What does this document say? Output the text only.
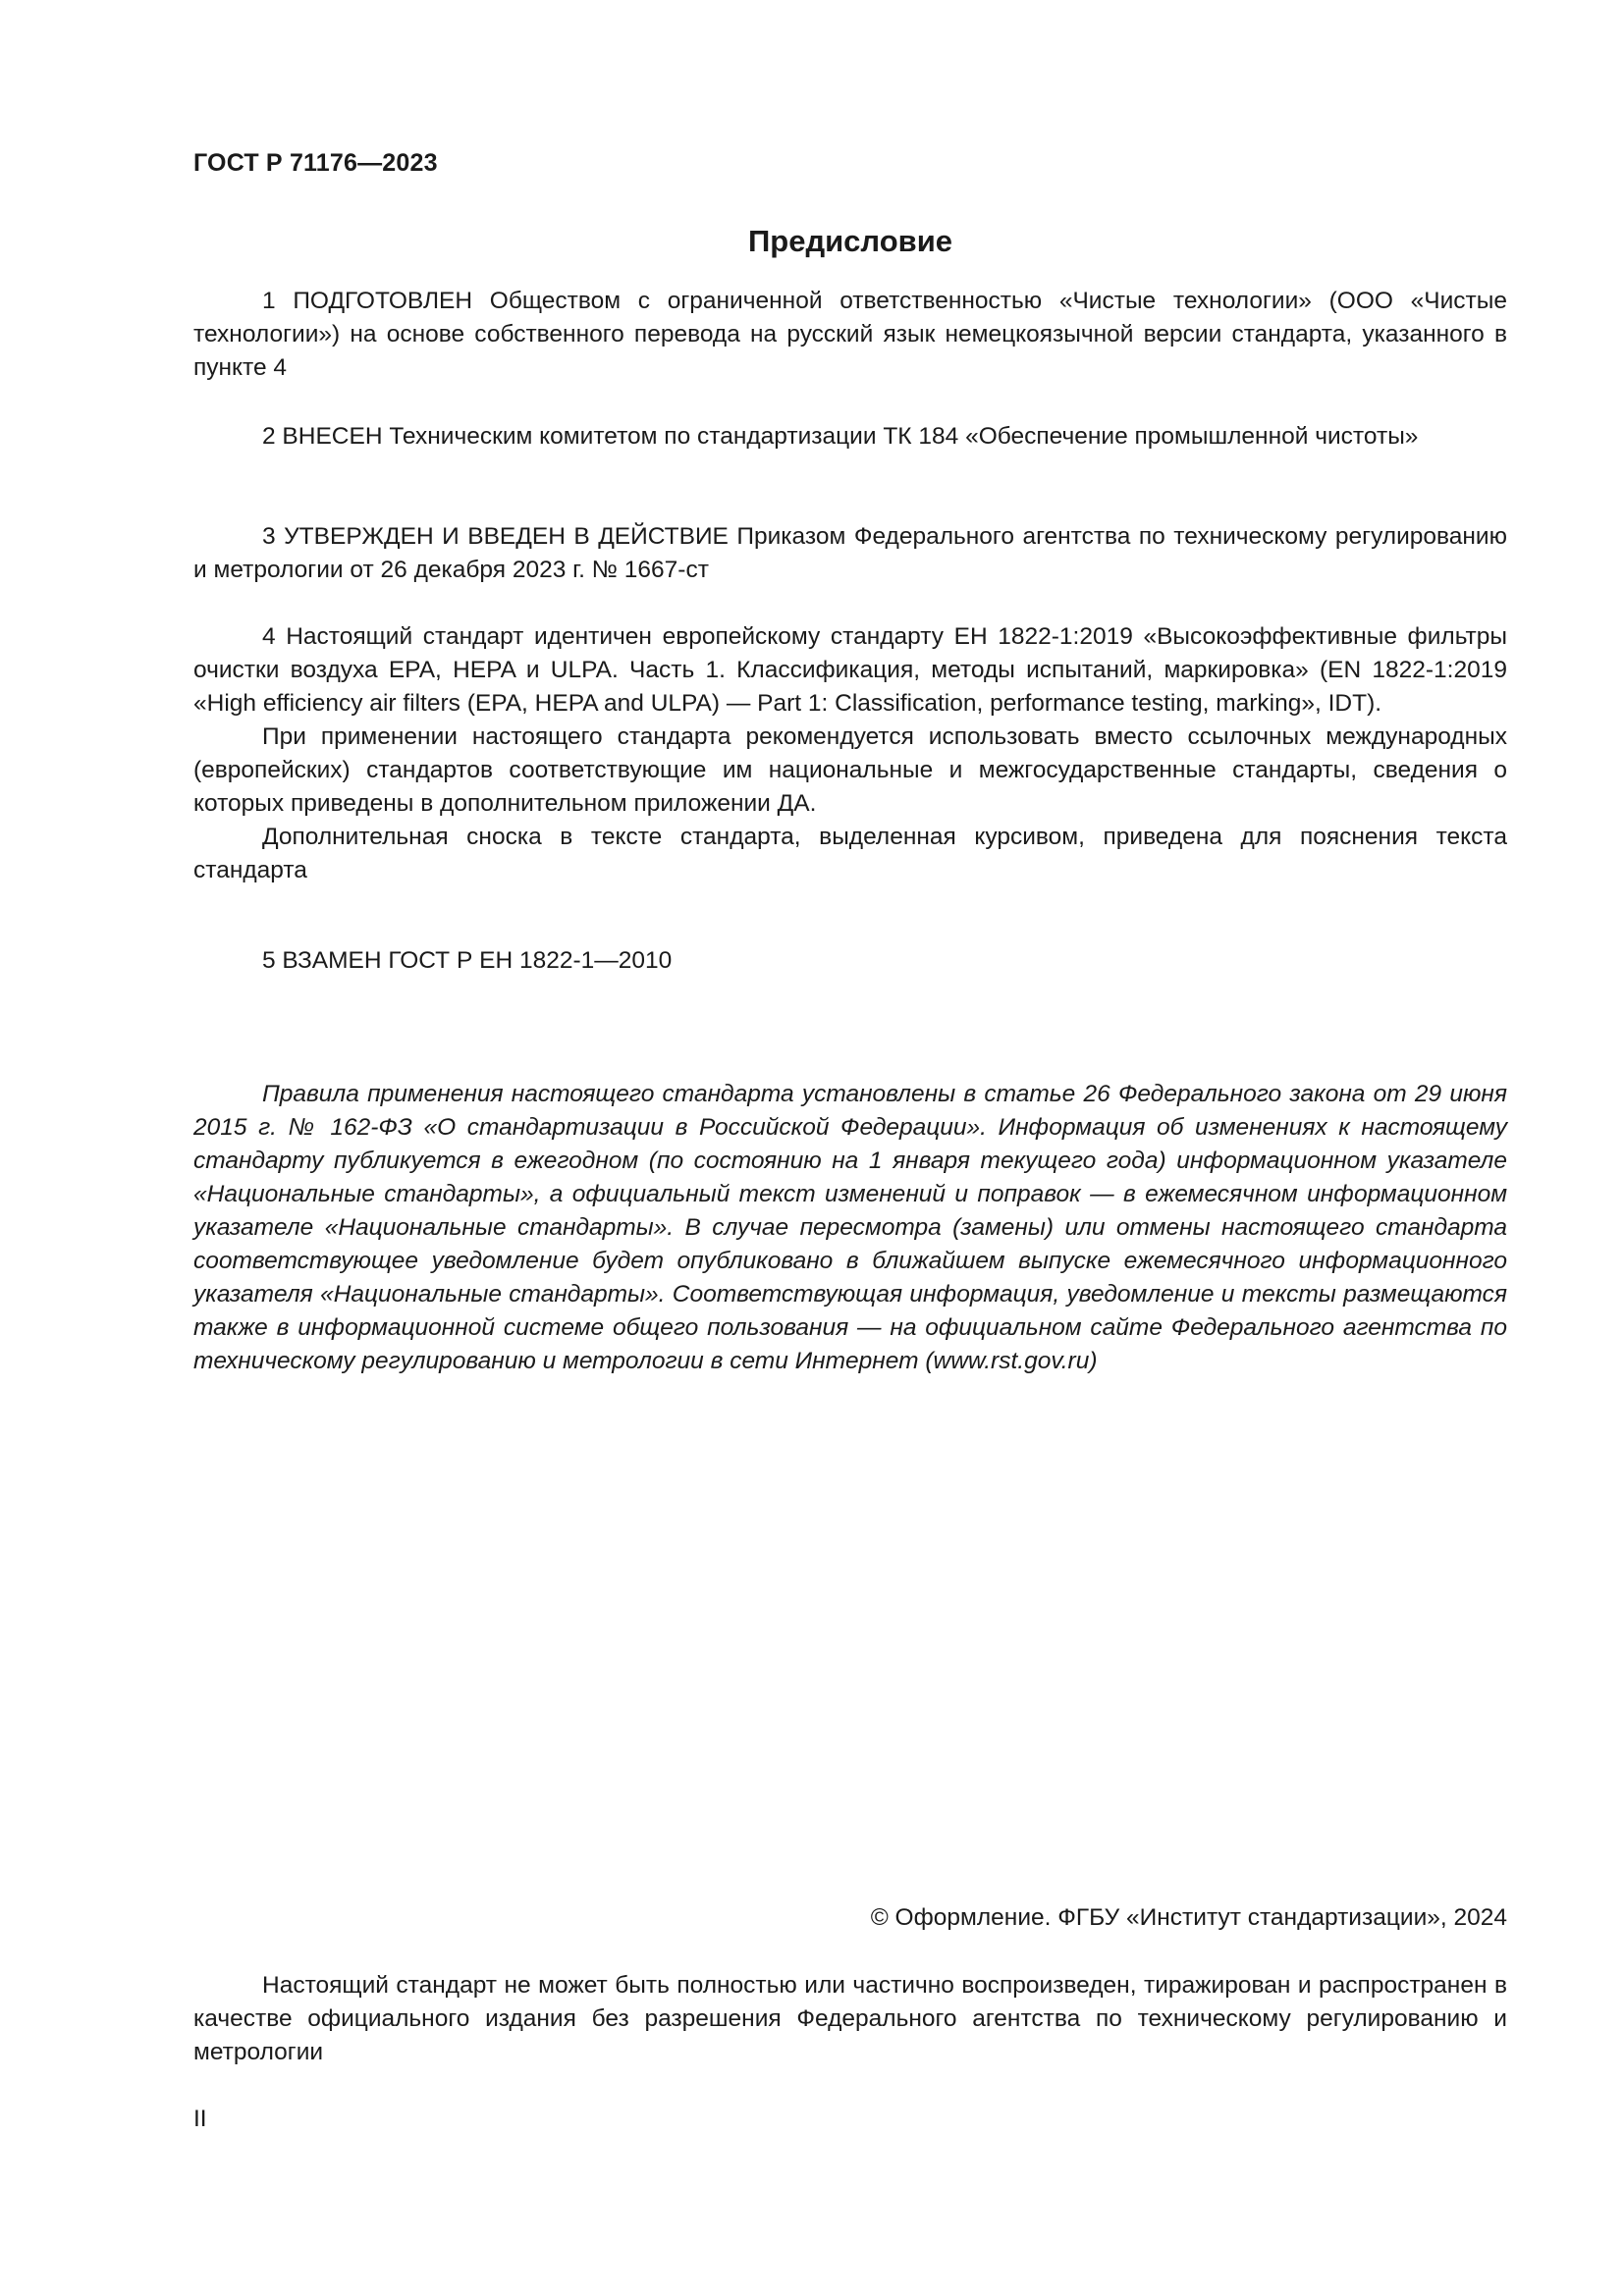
ГОСТ Р 71176—2023
Предисловие

1 ПОДГОТОВЛЕН Обществом с ограниченной ответственностью «Чистые технологии» (ООО «Чистые технологии») на основе собственного перевода на русский язык немецкоязычной версии стандарта, указанного в пункте 4

2 ВНЕСЕН Техническим комитетом по стандартизации ТК 184 «Обеспечение промышленной чистоты»

3 УТВЕРЖДЕН И ВВЕДЕН В ДЕЙСТВИЕ Приказом Федерального агентства по техническому регулированию и метрологии от 26 декабря 2023 г. № 1667-ст

4 Настоящий стандарт идентичен европейскому стандарту ЕН 1822-1:2019 «Высокоэффективные фильтры очистки воздуха EPA, HEPA и ULPA. Часть 1. Классификация, методы испытаний, маркировка» (EN 1822-1:2019 «High efficiency air filters (EPA, HEPA and ULPA) — Part 1: Classification, performance testing, marking», IDT).

При применении настоящего стандарта рекомендуется использовать вместо ссылочных международных (европейских) стандартов соответствующие им национальные и межгосударственные стандарты, сведения о которых приведены в дополнительном приложении ДА.

Дополнительная сноска в тексте стандарта, выделенная курсивом, приведена для пояснения текста стандарта

5 ВЗАМЕН ГОСТ Р ЕН 1822-1—2010

Правила применения настоящего стандарта установлены в статье 26 Федерального закона от 29 июня 2015 г. № 162-ФЗ «О стандартизации в Российской Федерации». Информация об изменениях к настоящему стандарту публикуется в ежегодном (по состоянию на 1 января текущего года) информационном указателе «Национальные стандарты», а официальный текст изменений и поправок — в ежемесячном информационном указателе «Национальные стандарты». В случае пересмотра (замены) или отмены настоящего стандарта соответствующее уведомление будет опубликовано в ближайшем выпуске ежемесячного информационного указателя «Национальные стандарты». Соответствующая информация, уведомление и тексты размещаются также в информационной системе общего пользования — на официальном сайте Федерального агентства по техническому регулированию и метрологии в сети Интернет (www.rst.gov.ru)

© Оформление. ФГБУ «Институт стандартизации», 2024

Настоящий стандарт не может быть полностью или частично воспроизведен, тиражирован и распространен в качестве официального издания без разрешения Федерального агентства по техническому регулированию и метрологии

II
